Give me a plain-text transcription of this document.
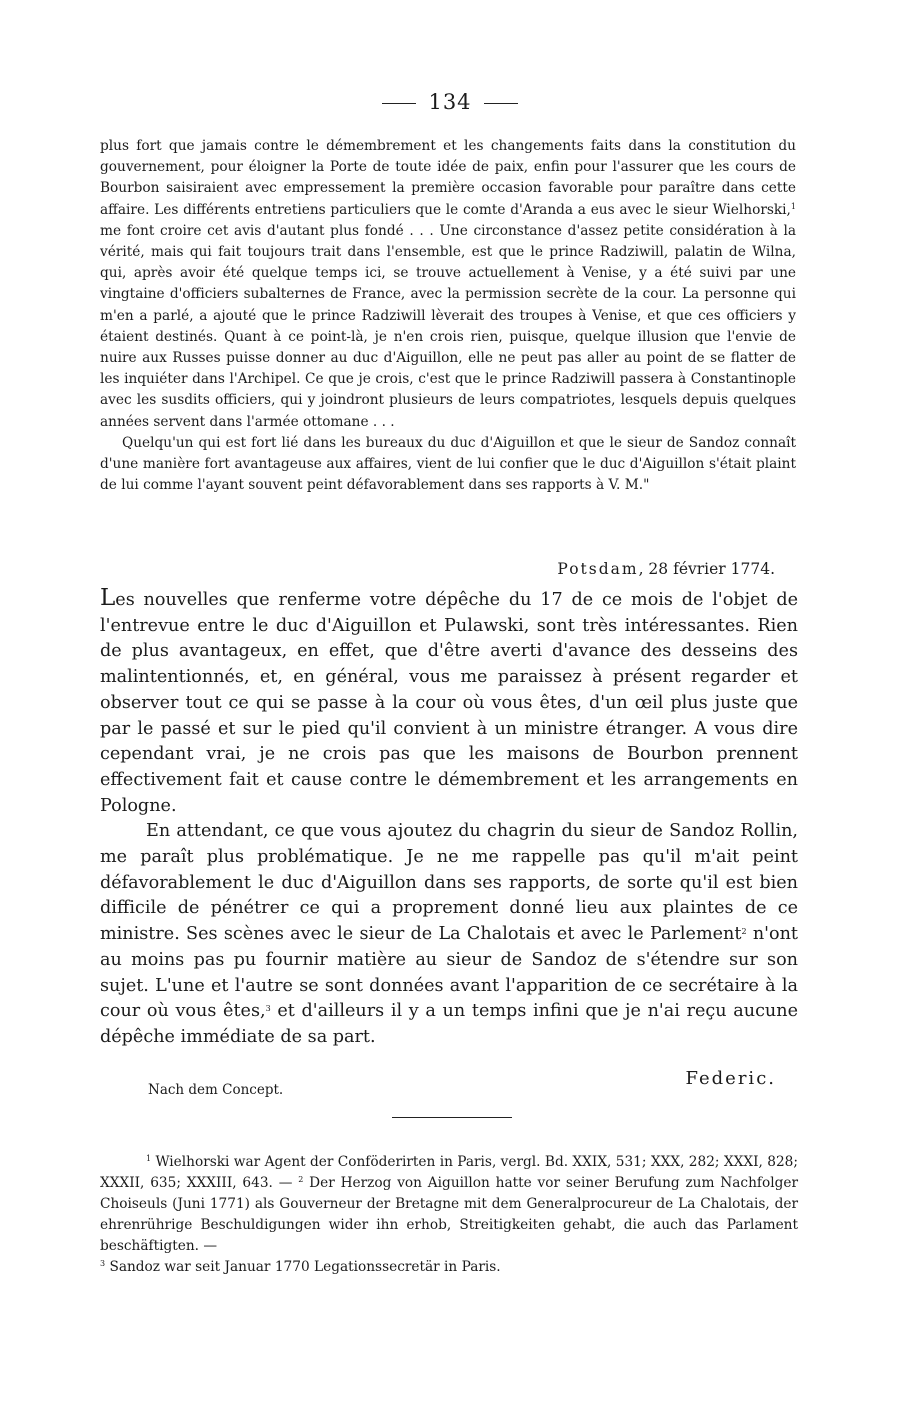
134

plus fort que jamais contre le démembrement et les changements faits dans la constitution du gouvernement, pour éloigner la Porte de toute idée de paix, enfin pour l'assurer que les cours de Bourbon saisiraient avec empressement la première occasion favorable pour paraître dans cette affaire. Les différents entretiens particuliers que le comte d'Aranda a eus avec le sieur Wielhorski,$^1$ me font croire cet avis d'autant plus fondé . . . Une circonstance d'assez petite considération à la vérité, mais qui fait toujours trait dans l'ensemble, est que le prince Radziwill, palatin de Wilna, qui, après avoir été quelque temps ici, se trouve actuellement à Venise, y a été suivi par une vingtaine d'officiers subalternes de France, avec la permission secrète de la cour. La personne qui m'en a parlé, a ajouté que le prince Radziwill lèverait des troupes à Venise, et que ces officiers y étaient destinés. Quant à ce point-là, je n'en crois rien, puisque, quelque illusion que l'envie de nuire aux Russes puisse donner au duc d'Aiguillon, elle ne peut pas aller au point de se flatter de les inquiéter dans l'Archipel. Ce que je crois, c'est que le prince Radziwill passera à Constantinople avec les susdits officiers, qui y joindront plusieurs de leurs compatriotes, lesquels depuis quelques années servent dans l'armée ottomane . . .

Quelqu'un qui est fort lié dans les bureaux du duc d'Aiguillon et que le sieur de Sandoz connaît d'une manière fort avantageuse aux affaires, vient de lui confier que le duc d'Aiguillon s'était plaint de lui comme l'ayant souvent peint défavorablement dans ses rapports à V. M."

Potsdam, 28 février 1774.

Les nouvelles que renferme votre dépêche du 17 de ce mois de l'objet de l'entrevue entre le duc d'Aiguillon et Pulawski, sont très intéressantes. Rien de plus avantageux, en effet, que d'être averti d'avance des desseins des malintentionnés, et, en général, vous me paraissez à présent regarder et observer tout ce qui se passe à la cour où vous êtes, d'un œil plus juste que par le passé et sur le pied qu'il convient à un ministre étranger. A vous dire cependant vrai, je ne crois pas que les maisons de Bourbon prennent effectivement fait et cause contre le démembrement et les arrangements en Pologne.

En attendant, ce que vous ajoutez du chagrin du sieur de Sandoz Rollin, me paraît plus problématique. Je ne me rappelle pas qu'il m'ait peint défavorablement le duc d'Aiguillon dans ses rapports, de sorte qu'il est bien difficile de pénétrer ce qui a proprement donné lieu aux plaintes de ce ministre. Ses scènes avec le sieur de La Chalotais et avec le Parlement$^2$ n'ont au moins pas pu fournir matière au sieur de Sandoz de s'étendre sur son sujet. L'une et l'autre se sont données avant l'apparition de ce secrétaire à la cour où vous êtes,$^3$ et d'ailleurs il y a un temps infini que je n'ai reçu aucune dépêche immédiate de sa part.

Federic.
Nach dem Concept.

$^1$ Wielhorski war Agent der Conföderirten in Paris, vergl. Bd. XXIX, 531; XXX, 282; XXXI, 828; XXXII, 635; XXXIII, 643. — $^2$ Der Herzog von Aiguillon hatte vor seiner Berufung zum Nachfolger Choiseuls (Juni 1771) als Gouverneur der Bretagne mit dem Generalprocureur de La Chalotais, der ehrenrührige Beschuldigungen wider ihn erhob, Streitigkeiten gehabt, die auch das Parlament beschäftigten. —
$^3$ Sandoz war seit Januar 1770 Legationssecretär in Paris.
